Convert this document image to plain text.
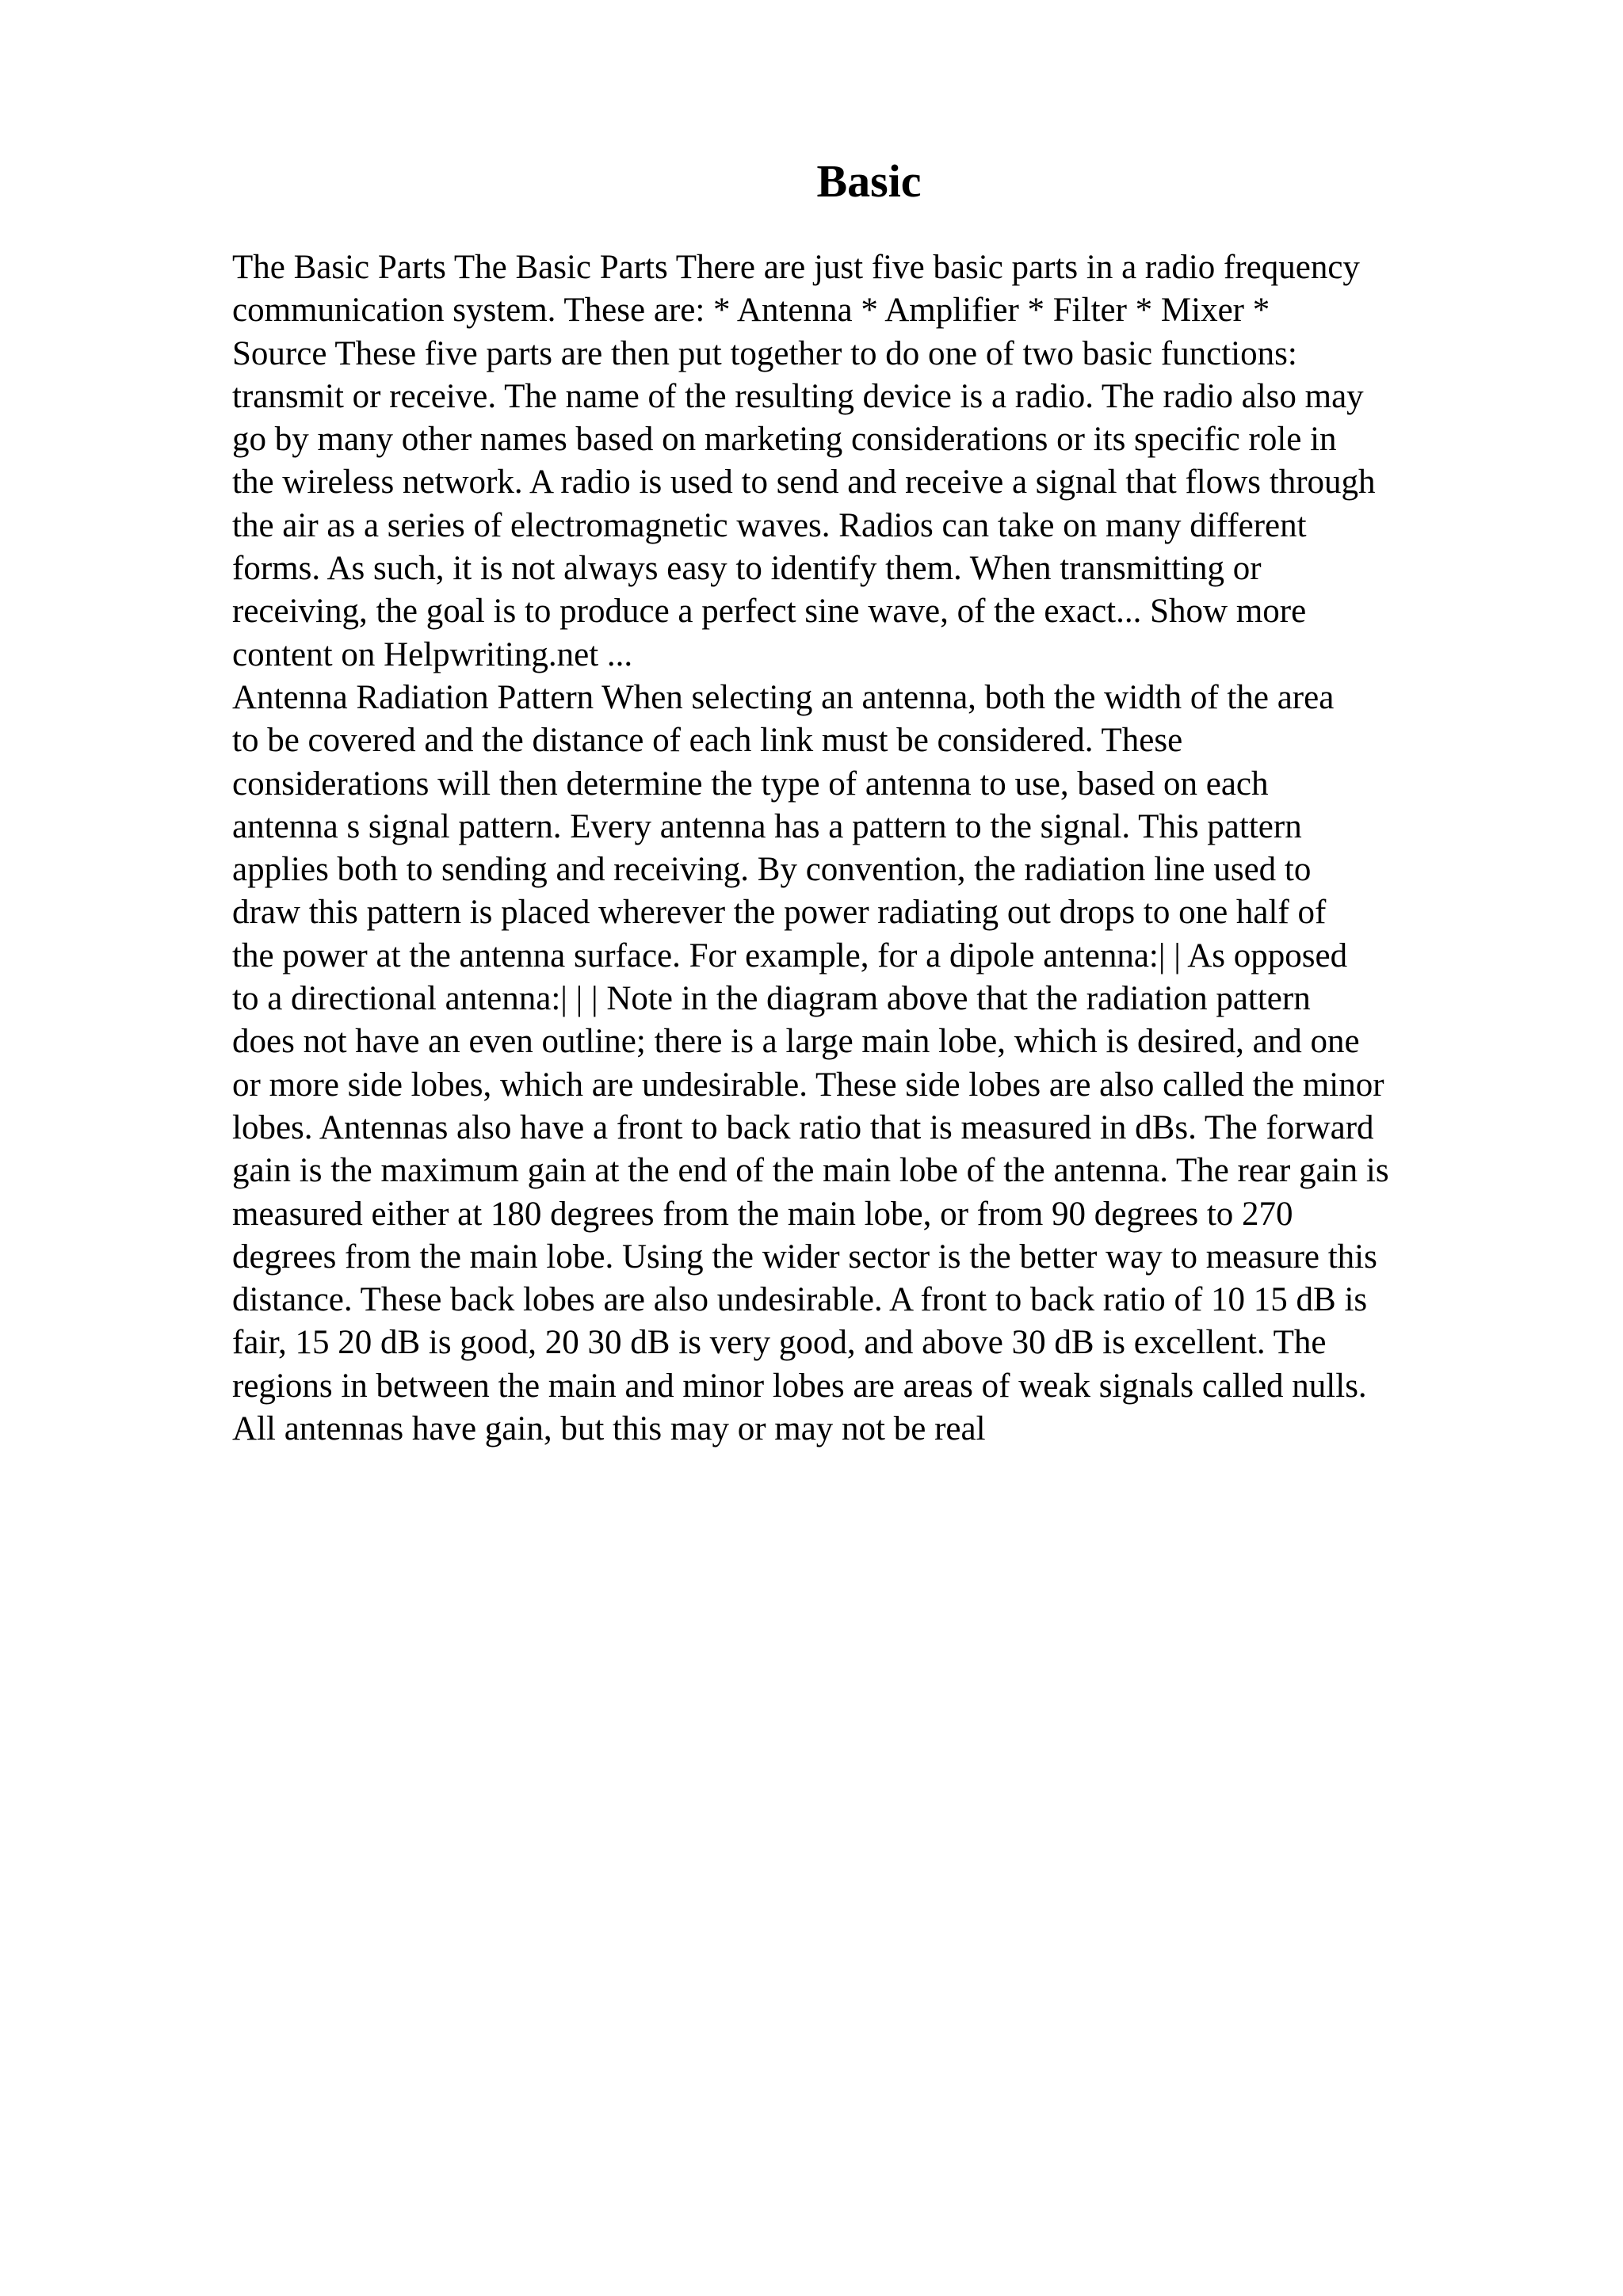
Basic
The Basic Parts The Basic Parts There are just five basic parts in a radio frequency
communication system. These are: * Antenna * Amplifier * Filter * Mixer *
Source These five parts are then put together to do one of two basic functions:
transmit or receive. The name of the resulting device is a radio. The radio also may
go by many other names based on marketing considerations or its specific role in
the wireless network. A radio is used to send and receive a signal that flows through
the air as a series of electromagnetic waves. Radios can take on many different
forms. As such, it is not always easy to identify them. When transmitting or
receiving, the goal is to produce a perfect sine wave, of the exact... Show more
content on Helpwriting.net ...
Antenna Radiation Pattern When selecting an antenna, both the width of the area
to be covered and the distance of each link must be considered. These
considerations will then determine the type of antenna to use, based on each
antenna s signal pattern. Every antenna has a pattern to the signal. This pattern
applies both to sending and receiving. By convention, the radiation line used to
draw this pattern is placed wherever the power radiating out drops to one half of
the power at the antenna surface. For example, for a dipole antenna:| | As opposed
to a directional antenna:| | | Note in the diagram above that the radiation pattern
does not have an even outline; there is a large main lobe, which is desired, and one
or more side lobes, which are undesirable. These side lobes are also called the minor
lobes. Antennas also have a front to back ratio that is measured in dBs. The forward
gain is the maximum gain at the end of the main lobe of the antenna. The rear gain is
measured either at 180 degrees from the main lobe, or from 90 degrees to 270
degrees from the main lobe. Using the wider sector is the better way to measure this
distance. These back lobes are also undesirable. A front to back ratio of 10 15 dB is
fair, 15 20 dB is good, 20 30 dB is very good, and above 30 dB is excellent. The
regions in between the main and minor lobes are areas of weak signals called nulls.
All antennas have gain, but this may or may not be real
